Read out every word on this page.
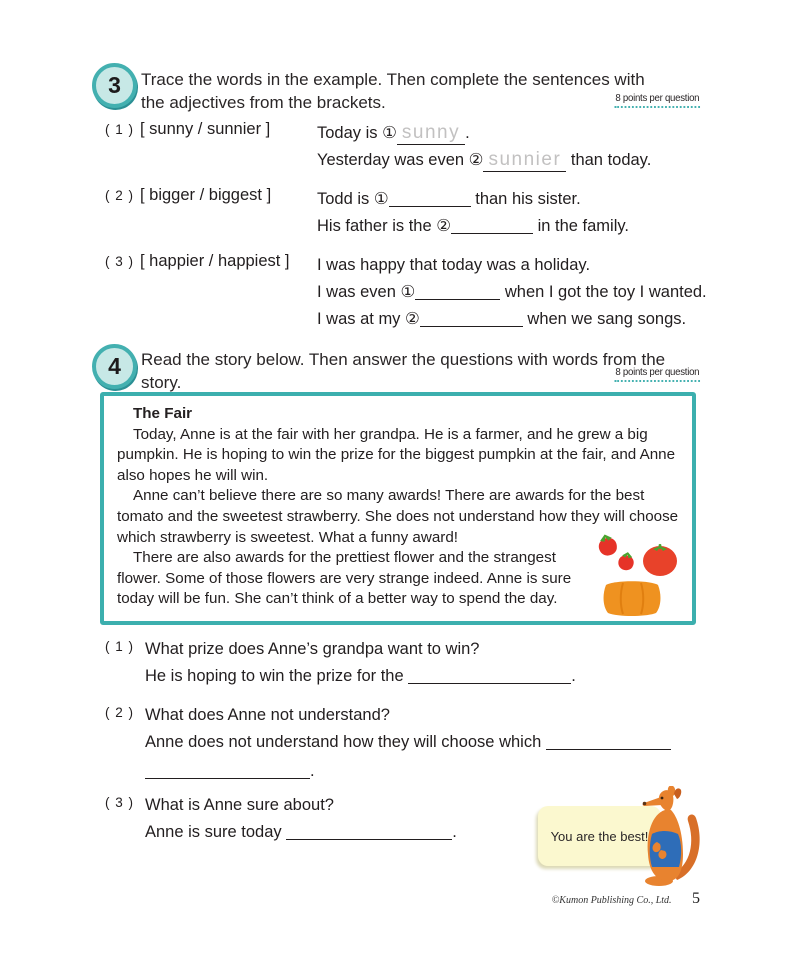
3	Trace the words in the example. Then complete the sentences with the adjectives from the brackets.	8 points per question
( 1 ) [ sunny / sunnier ]	Today is ① sunny .
Yesterday was even ② sunnier than today.
( 2 ) [ bigger / biggest ]	Todd is ①	than his sister.
His father is the ②	in the family.
( 3 ) [ happier / happiest ] I was happy that today was a holiday.
I was even ①	when I got the toy I wanted.
I was at my ②	when we sang songs.
4	Read the story below. Then answer the questions with words from the story.
8 points per question

The Fair

Today, Anne is at the fair with her grandpa. He is a farmer, and he grew a big pumpkin. He is hoping to win the prize for the biggest pumpkin at the fair, and Anne also hopes he will win.

Anne can’t believe there are so many awards! There are awards for the best tomato and the sweetest strawberry. She does not understand how they will choose which strawberry is sweetest. What a funny award!

There are also awards for the prettiest flower and the strangest flower. Some of those flowers are very strange indeed. Anne is sure today will be fun. She can’t think of a better way to spend the day.

( 1 ) What prize does Anne’s grandpa want to win?
He is hoping to win the prize for the	.
( 2 ) What does Anne not understand?
Anne does not understand how they will choose which
.
( 3 ) What is Anne sure about?
Anne is sure today	.	You are the best!
©Kumon Publishing Co., Ltd. 5
